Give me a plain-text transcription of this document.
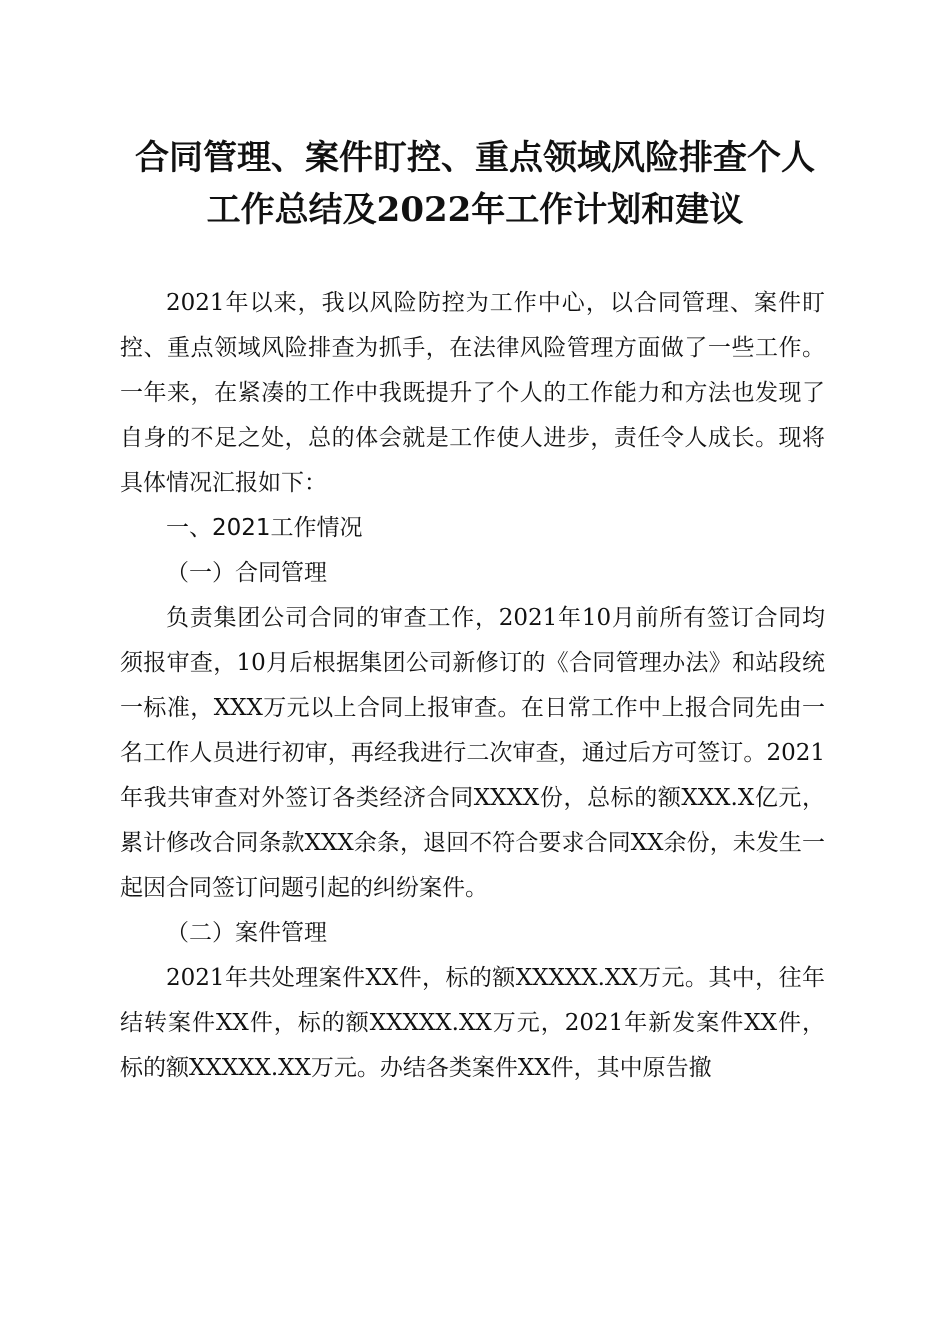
合同管理、案件盯控、重点领域风险排查个人
工作总结及2022年工作计划和建议

2021年以来，我以风险防控为工作中心，以合同管理、案件盯控、重点领域风险排查为抓手，在法律风险管理方面做了一些工作。一年来，在紧凑的工作中我既提升了个人的工作能力和方法也发现了自身的不足之处，总的体会就是工作使人进步，责任令人成长。现将具体情况汇报如下：

一、2021工作情况

（一）合同管理

负责集团公司合同的审查工作，2021年10月前所有签订合同均须报审查，10月后根据集团公司新修订的《合同管理办法》和站段统一标准，XXX万元以上合同上报审查。在日常工作中上报合同先由一名工作人员进行初审，再经我进行二次审查，通过后方可签订。2021年我共审查对外签订各类经济合同XXXX份，总标的额XXX.X亿元，累计修改合同条款XXX余条，退回不符合要求合同XX余份，未发生一起因合同签订问题引起的纠纷案件。

（二）案件管理

2021年共处理案件XX件，标的额XXXXX.XX万元。其中，往年结转案件XX件，标的额XXXXX.XX万元，2021年新发案件XX件，标的额XXXXX.XX万元。办结各类案件XX件，其中原告撤
